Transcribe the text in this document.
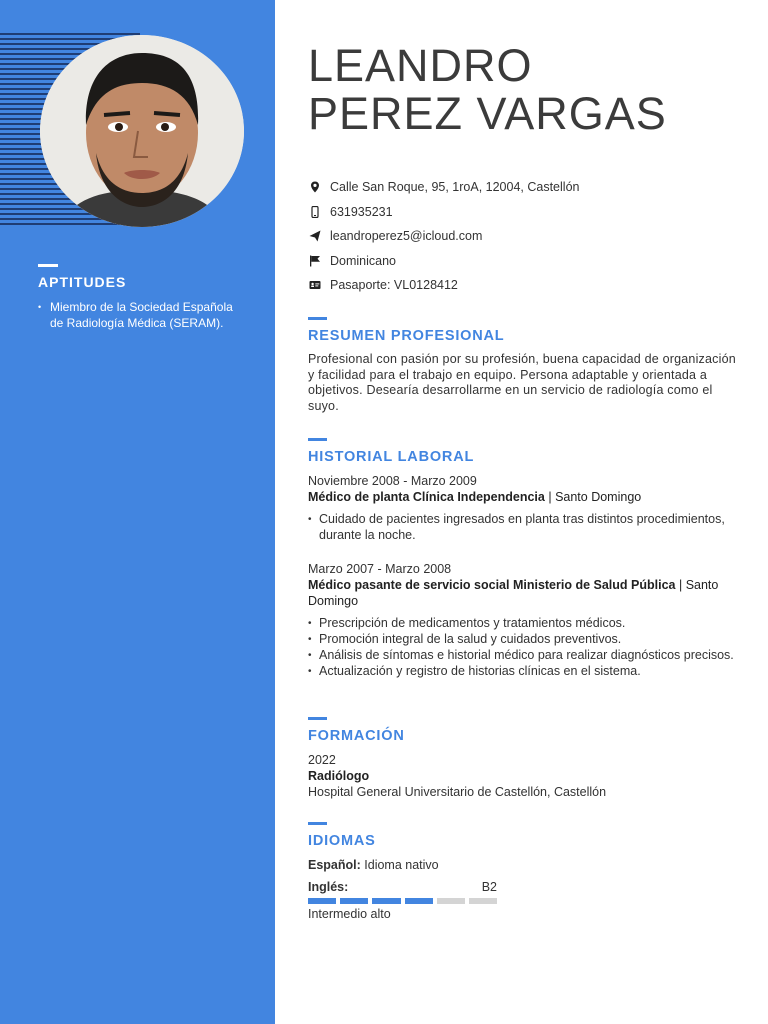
APTITUDES
• Miembro de la Sociedad Española de Radiología Médica (SERAM).
LEANDRO
PEREZ VARGAS
Calle San Roque, 95, 1roA, 12004, Castellón
631935231
leandroperez5@icloud.com
Dominicano
Pasaporte: VL0128412
RESUMEN PROFESIONAL

Profesional con pasión por su profesión, buena capacidad de organización y facilidad para el trabajo en equipo. Persona adaptable y orientada a objetivos. Desearía desarrollarme en un servicio de radiología como el suyo.

HISTORIAL LABORAL
Noviembre 2008 - Marzo 2009
Médico de planta Clínica Independencia | Santo Domingo
• Cuidado de pacientes ingresados en planta tras distintos procedimientos, durante la noche.
Marzo 2007 - Marzo 2008
Médico pasante de servicio social Ministerio de Salud Pública | Santo Domingo
• Prescripción de medicamentos y tratamientos médicos.
• Promoción integral de la salud y cuidados preventivos.
• Análisis de síntomas e historial médico para realizar diagnósticos precisos.
• Actualización y registro de historias clínicas en el sistema.
FORMACIÓN
2022
Radiólogo
Hospital General Universitario de Castellón, Castellón
IDIOMAS
Español: Idioma nativo
Inglés:	B2
Intermedio alto
